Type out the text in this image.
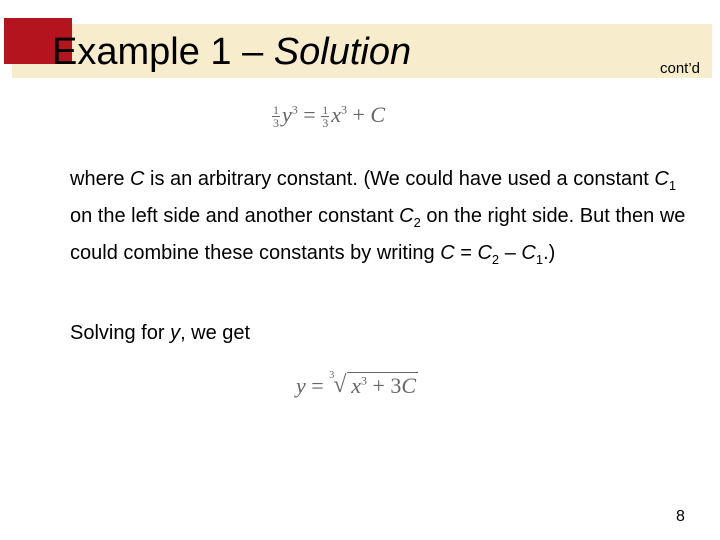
Example 1 – Solution	cont’d
$\frac{1}{3} y^3 = \frac{1}{3} x^3 + C$

where C is an arbitrary constant. (We could have used a constant $C_1$ on the left side and another constant $C_2$ on the right side. But then we could combine these constants by writing $C = C_2 - C_1$.)

Solving for y, we get

y = 3 √ $x^3 + 3C$
8
